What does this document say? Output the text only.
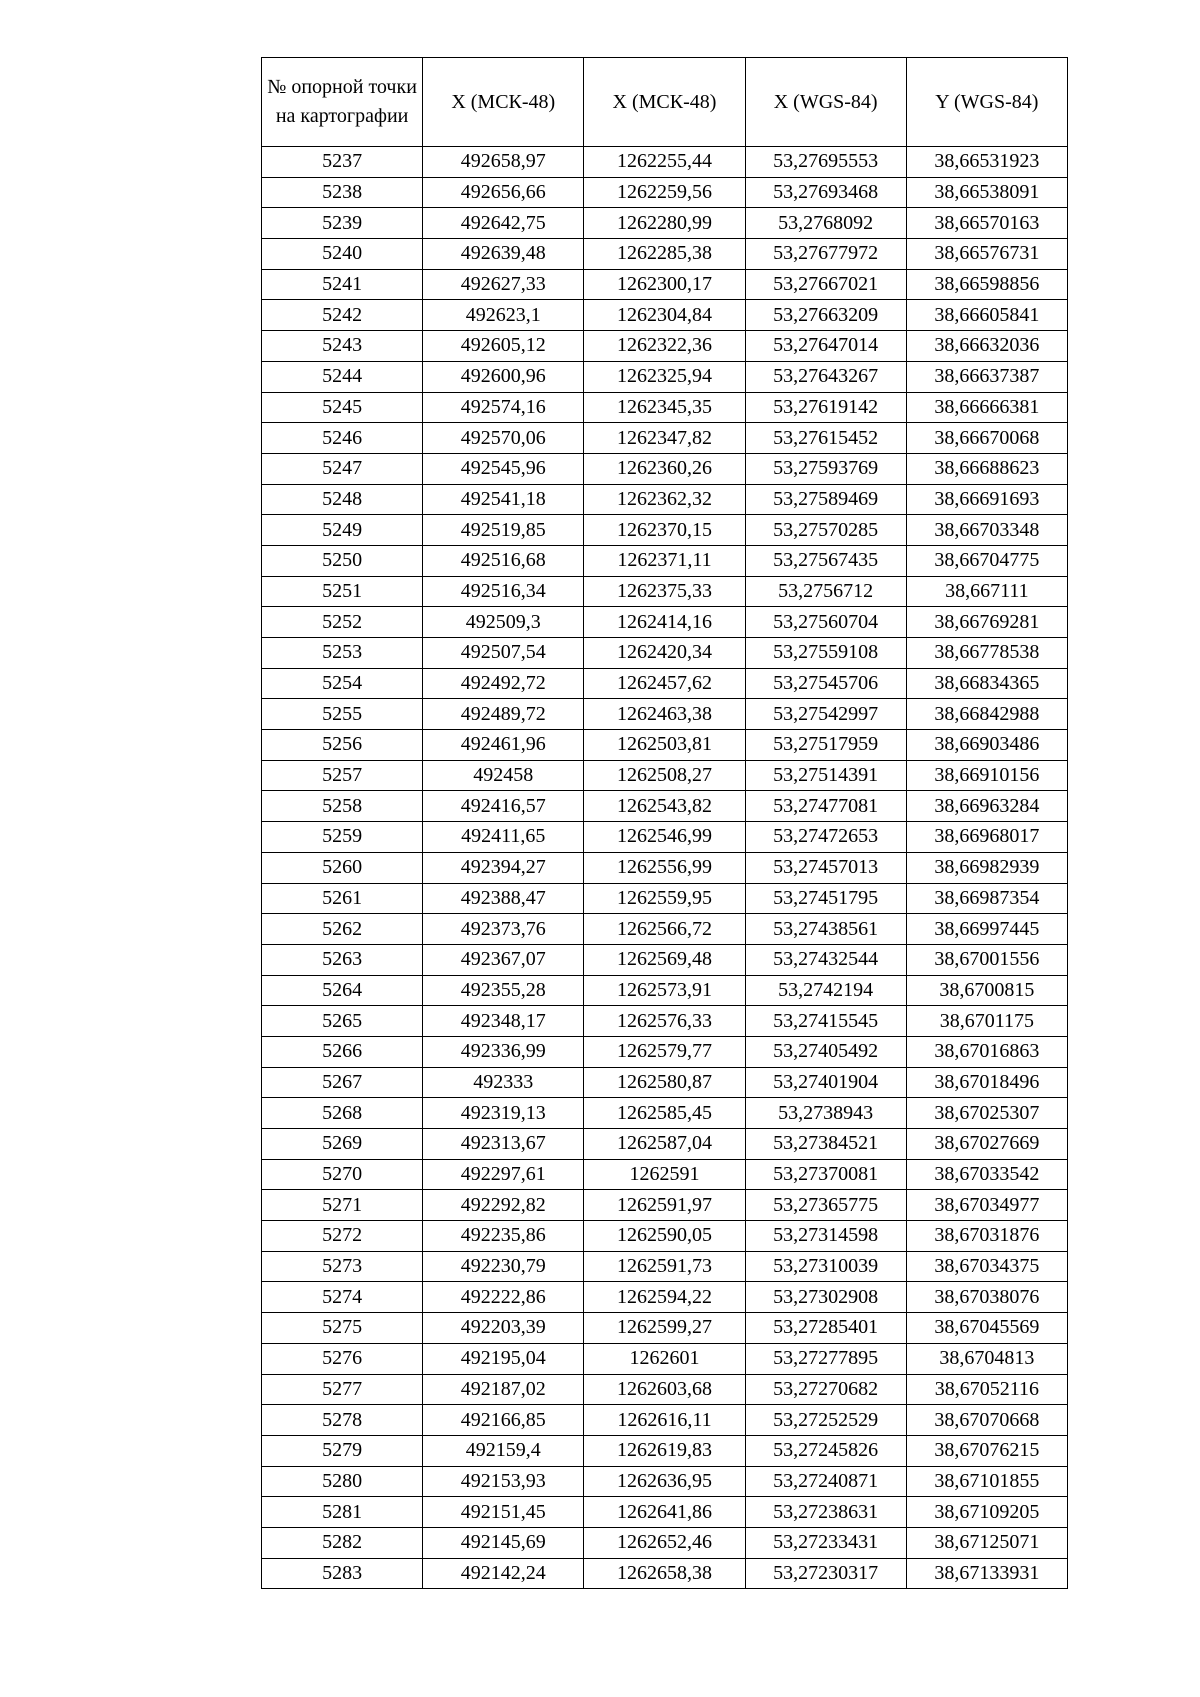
№ опорной точки на картографии	X (МСК-48)	X (МСК-48)	X (WGS-84)	Y (WGS-84)
5237	492658,97	1262255,44	53,27695553	38,66531923
5238	492656,66	1262259,56	53,27693468	38,66538091
5239	492642,75	1262280,99	53,2768092	38,66570163
5240	492639,48	1262285,38	53,27677972	38,66576731
5241	492627,33	1262300,17	53,27667021	38,66598856
5242	492623,1	1262304,84	53,27663209	38,66605841
5243	492605,12	1262322,36	53,27647014	38,66632036
5244	492600,96	1262325,94	53,27643267	38,66637387
5245	492574,16	1262345,35	53,27619142	38,66666381
5246	492570,06	1262347,82	53,27615452	38,66670068
5247	492545,96	1262360,26	53,27593769	38,66688623
5248	492541,18	1262362,32	53,27589469	38,66691693
5249	492519,85	1262370,15	53,27570285	38,66703348
5250	492516,68	1262371,11	53,27567435	38,66704775
5251	492516,34	1262375,33	53,2756712	38,667111
5252	492509,3	1262414,16	53,27560704	38,66769281
5253	492507,54	1262420,34	53,27559108	38,66778538
5254	492492,72	1262457,62	53,27545706	38,66834365
5255	492489,72	1262463,38	53,27542997	38,66842988
5256	492461,96	1262503,81	53,27517959	38,66903486
5257	492458	1262508,27	53,27514391	38,66910156
5258	492416,57	1262543,82	53,27477081	38,66963284
5259	492411,65	1262546,99	53,27472653	38,66968017
5260	492394,27	1262556,99	53,27457013	38,66982939
5261	492388,47	1262559,95	53,27451795	38,66987354
5262	492373,76	1262566,72	53,27438561	38,66997445
5263	492367,07	1262569,48	53,27432544	38,67001556
5264	492355,28	1262573,91	53,2742194	38,6700815
5265	492348,17	1262576,33	53,27415545	38,6701175
5266	492336,99	1262579,77	53,27405492	38,67016863
5267	492333	1262580,87	53,27401904	38,67018496
5268	492319,13	1262585,45	53,2738943	38,67025307
5269	492313,67	1262587,04	53,27384521	38,67027669
5270	492297,61	1262591	53,27370081	38,67033542
5271	492292,82	1262591,97	53,27365775	38,67034977
5272	492235,86	1262590,05	53,27314598	38,67031876
5273	492230,79	1262591,73	53,27310039	38,67034375
5274	492222,86	1262594,22	53,27302908	38,67038076
5275	492203,39	1262599,27	53,27285401	38,67045569
5276	492195,04	1262601	53,27277895	38,6704813
5277	492187,02	1262603,68	53,27270682	38,67052116
5278	492166,85	1262616,11	53,27252529	38,67070668
5279	492159,4	1262619,83	53,27245826	38,67076215
5280	492153,93	1262636,95	53,27240871	38,67101855
5281	492151,45	1262641,86	53,27238631	38,67109205
5282	492145,69	1262652,46	53,27233431	38,67125071
5283	492142,24	1262658,38	53,27230317	38,67133931
